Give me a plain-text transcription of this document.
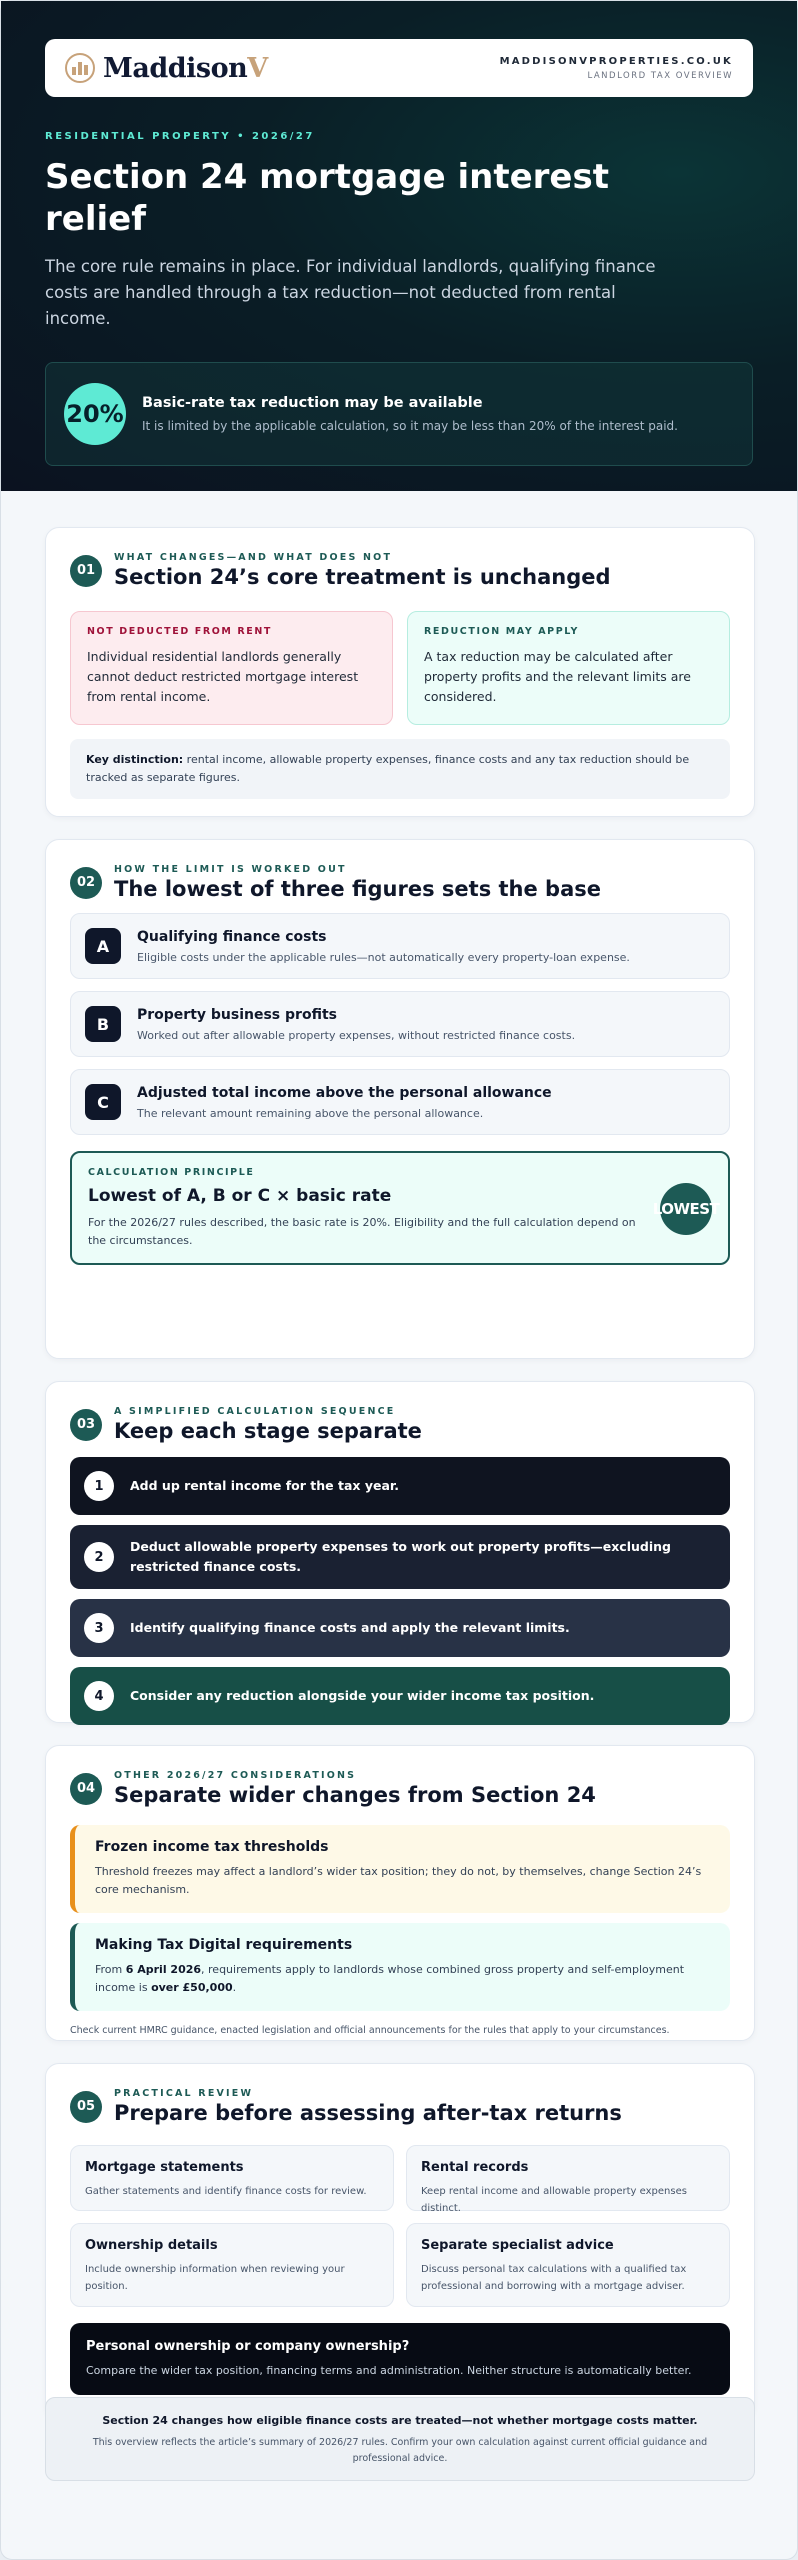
MaddisonV	MADDISONVPROPERTIES.CO.UK
LANDLORD TAX OVERVIEW
RESIDENTIAL PROPERTY • 2026/27
Section 24 mortgage interest relief

The core rule remains in place. For individual landlords, qualifying finance costs are handled through a tax reduction—not deducted from rental income.

20% Basic-rate tax reduction may be available
It is limited by the applicable calculation, so it may be less than 20% of the interest paid.
01
WHAT CHANGES—AND WHAT DOES NOT
Section 24’s core treatment is unchanged
NOT DEDUCTED FROM RENT
Individual residential landlords generally cannot deduct restricted mortgage interest from rental income.
REDUCTION MAY APPLY
A tax reduction may be calculated after property profits and the relevant limits are considered.
Key distinction: rental income, allowable property expenses, finance costs and any tax reduction should be tracked as separate figures.
02
HOW THE LIMIT IS WORKED OUT
The lowest of three figures sets the base
A	Qualifying finance costs
Eligible costs under the applicable rules—not automatically every property-loan expense.
B	Property business profits
Worked out after allowable property expenses, without restricted finance costs.
C	Adjusted total income above the personal allowance
The relevant amount remaining above the personal allowance.
CALCULATION PRINCIPLE
Lowest of A, B or C × basic rate
For the 2026/27 rules described, the basic rate is 20%. Eligibility and the full calculation depend on the circumstances.
LOWEST
03
A SIMPLIFIED CALCULATION SEQUENCE
Keep each stage separate
1	Add up rental income for the tax year.
2
Deduct allowable property expenses to work out property profits—excluding restricted finance costs.
3	Identify qualifying finance costs and apply the relevant limits.
4	Consider any reduction alongside your wider income tax position.
04
OTHER 2026/27 CONSIDERATIONS
Separate wider changes from Section 24
Frozen income tax thresholds
Threshold freezes may affect a landlord’s wider tax position; they do not, by themselves, change Section 24’s core mechanism.
Making Tax Digital requirements
From 6 April 2026, requirements apply to landlords whose combined gross property and self-employment income is over £50,000.
Check current HMRC guidance, enacted legislation and official announcements for the rules that apply to your circumstances.
05
PRACTICAL REVIEW
Prepare before assessing after-tax returns
Mortgage statements
Gather statements and identify finance costs for review.
Rental records
Keep rental income and allowable property expenses distinct.
Ownership details
Include ownership information when reviewing your position.
Separate specialist advice
Discuss personal tax calculations with a qualified tax professional and borrowing with a mortgage adviser.
Personal ownership or company ownership?
Compare the wider tax position, financing terms and administration. Neither structure is automatically better.
Section 24 changes how eligible finance costs are treated—not whether mortgage costs matter.
This overview reflects the article’s summary of 2026/27 rules. Confirm your own calculation against current official guidance and professional advice.
